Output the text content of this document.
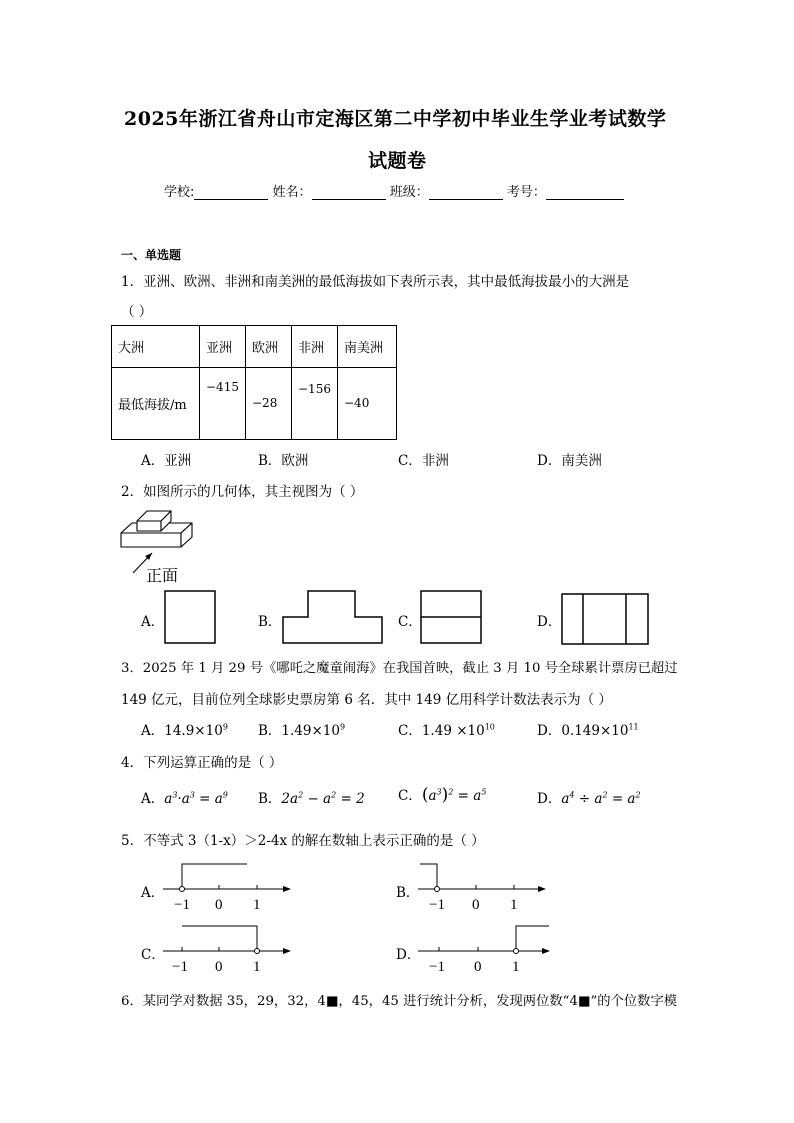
2025年浙江省舟山市定海区第二中学初中毕业生学业考试数学
试题卷
学校:	姓名：	班级：	考号：
一、单选题
1．亚洲、欧洲、非洲和南美洲的最低海拔如下表所示表，其中最低海拔最小的大洲是
（ ）
大洲	亚洲	欧洲	非洲	南美洲
最低海拔/m	−415	−28	−156	−40
A．亚洲	B．欧洲	C．非洲	D．南美洲
2．如图所示的几何体，其主视图为（ ）
正面
A．	B．	C．	D．
3．2025 年 1 月 29 号《哪吒之魔童闹海》在我国首映，截止 3 月 10 号全球累计票房已超过
149 亿元，目前位列全球影史票房第 6 名．其中 149 亿用科学计数法表示为（ ）
A．$14.9\times 10^9$ B．$1.49\times 10^9$	C．$1.49 \times 10^{10}$	D．$0.149\times 10^{11}$
4．下列运算正确的是（ ）
A．$a^3\cdot a^3 = a^9$ B．$2a^2 - a^2 = 2$ C．$(a^3)^2 = a^5$	D．$a^4 \div a^2 = a^2$
5．不等式 3（1-x）＞2-4x 的解在数轴上表示正确的是（ ）
A．
−1 0 1
B．
−1 0 1
C．
−1 0 1
D．
−1 0 1
6．某同学对数据 35，29，32，4■，45，45 进行统计分析，发现两位数“4■”的个位数字模
